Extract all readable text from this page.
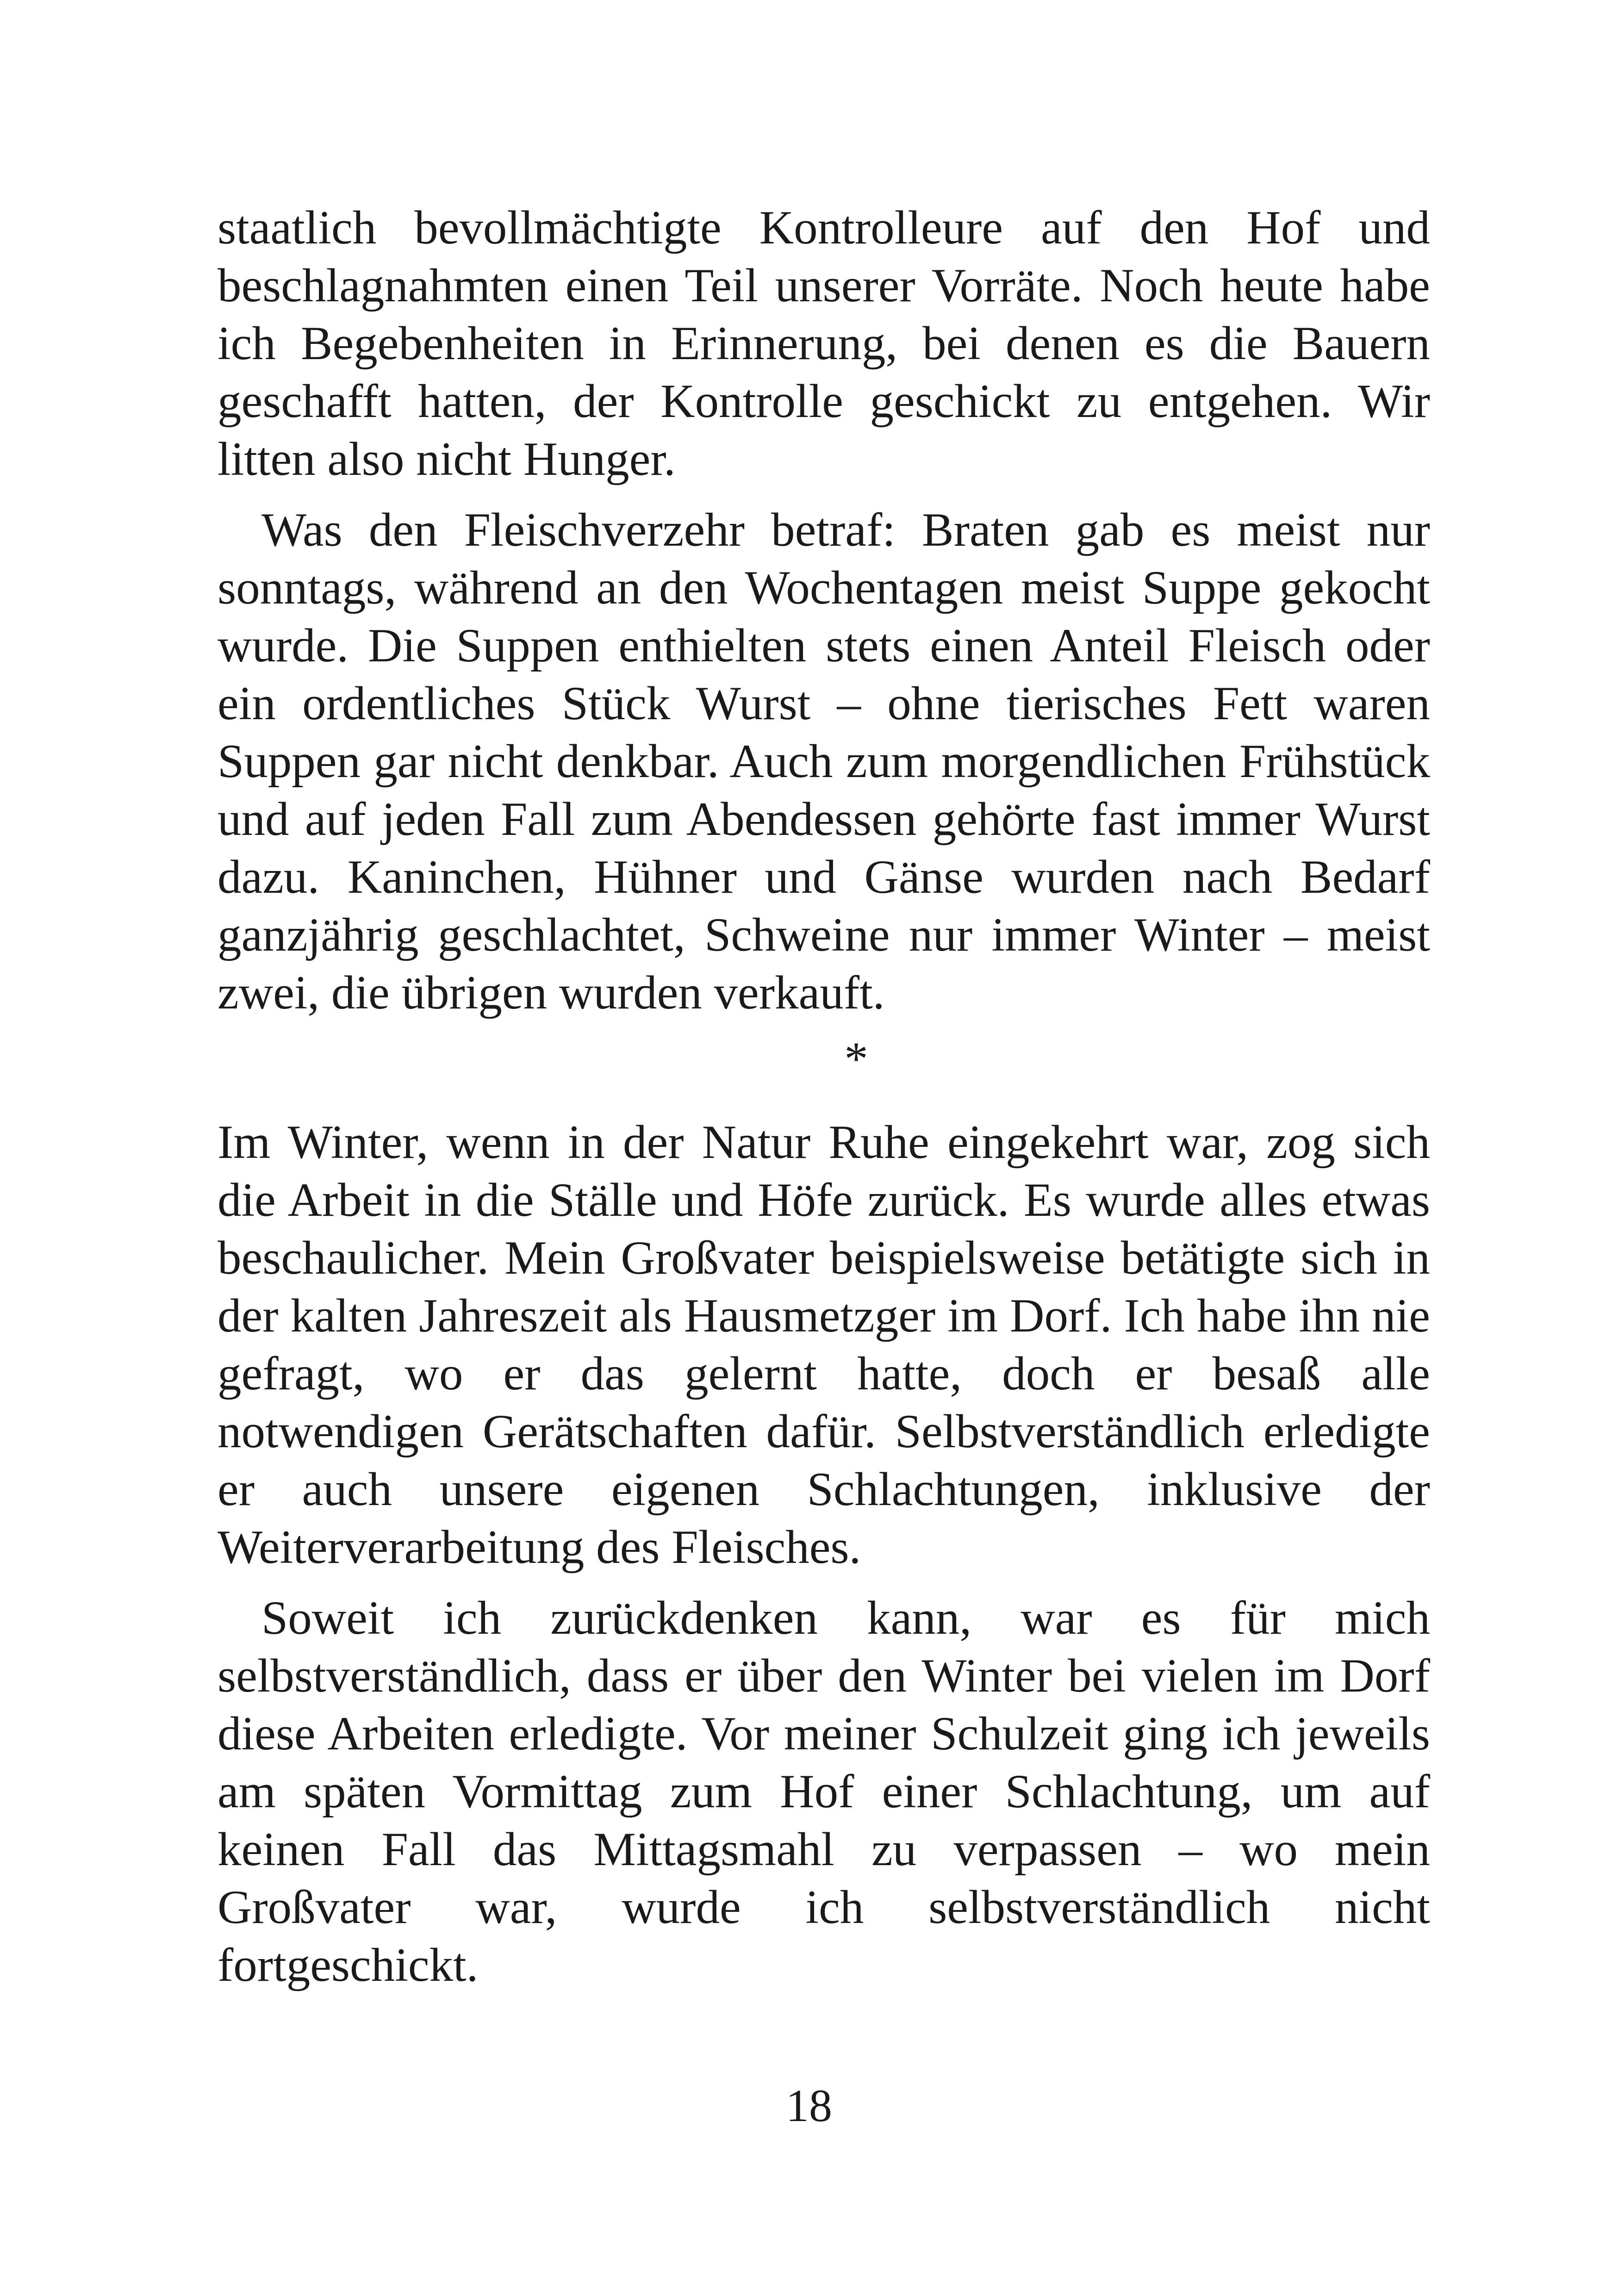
staatlich bevollmächtigte Kontrolleure auf den Hof und beschlagnahmten einen Teil unserer Vorräte. Noch heute habe ich Begebenheiten in Erinnerung, bei denen es die Bauern geschafft hatten, der Kontrolle geschickt zu entgehen. Wir litten also nicht Hunger.

Was den Fleischverzehr betraf: Braten gab es meist nur sonntags, während an den Wochentagen meist Suppe gekocht wurde. Die Suppen enthielten stets einen Anteil Fleisch oder ein ordentliches Stück Wurst – ohne tierisches Fett waren Suppen gar nicht denkbar. Auch zum morgendlichen Frühstück und auf jeden Fall zum Abendessen gehörte fast immer Wurst dazu. Kaninchen, Hühner und Gänse wurden nach Bedarf ganzjährig geschlachtet, Schweine nur immer Winter – meist zwei, die übrigen wurden verkauft.

*

Im Winter, wenn in der Natur Ruhe eingekehrt war, zog sich die Arbeit in die Ställe und Höfe zurück. Es wurde alles etwas beschaulicher. Mein Großvater beispielsweise betätigte sich in der kalten Jahreszeit als Hausmetzger im Dorf. Ich habe ihn nie gefragt, wo er das gelernt hatte, doch er besaß alle notwendigen Gerätschaften dafür. Selbstverständlich erledigte er auch unsere eigenen Schlachtungen, inklusive der Weiterverarbeitung des Fleisches.

Soweit ich zurückdenken kann, war es für mich selbstverständlich, dass er über den Winter bei vielen im Dorf diese Arbeiten erledigte. Vor meiner Schulzeit ging ich jeweils am späten Vormittag zum Hof einer Schlachtung, um auf keinen Fall das Mittagsmahl zu verpassen – wo mein Großvater war, wurde ich selbstverständlich nicht fortgeschickt.

18
